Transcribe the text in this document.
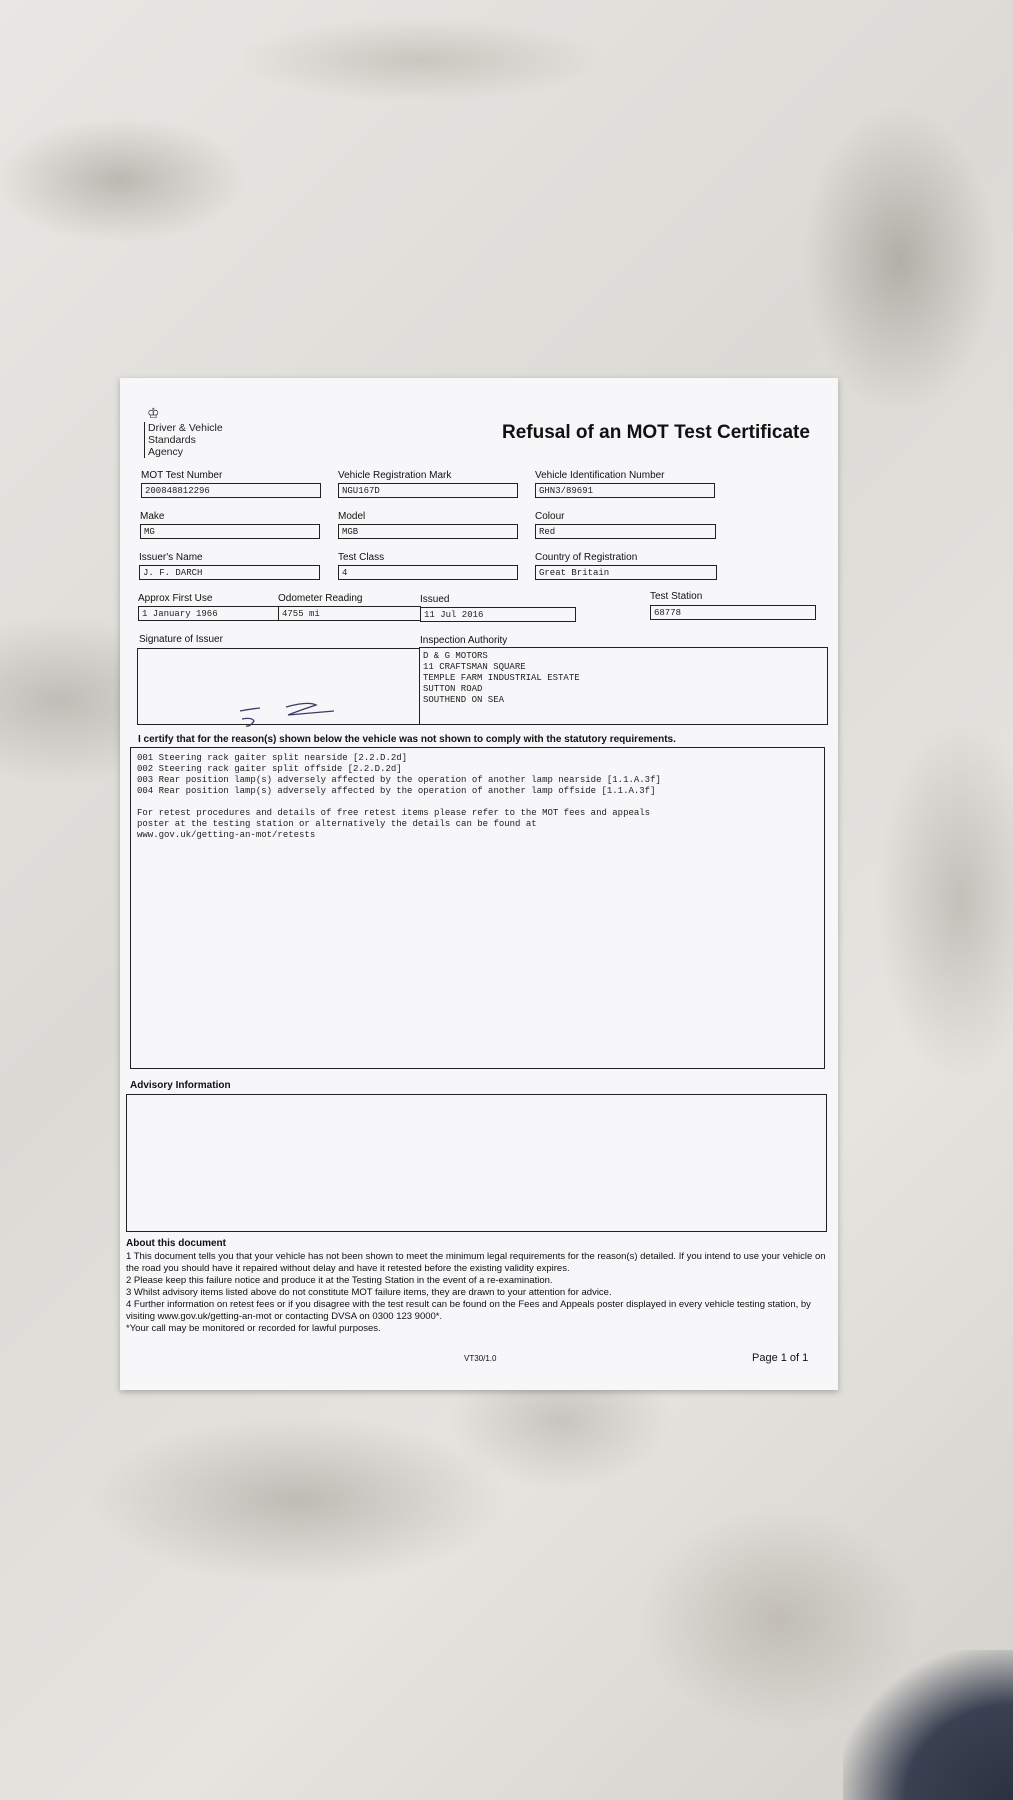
♔
Driver & Vehicle
Standards
Agency
Refusal of an MOT Test Certificate
MOT Test Number
200848812296
Vehicle Registration Mark
NGU167D
Vehicle Identification Number
GHN3/89691
Make
MG
Model
MGB
Colour
Red
Issuer's Name
J. F. DARCH
Test Class
4
Country of Registration
Great Britain
Approx First Use
1 January 1966
Odometer Reading
4755 mi
Issued
11 Jul 2016
Test Station
68778
Signature of Issuer	Inspection Authority
D & G MOTORS
11 CRAFTSMAN SQUARE
TEMPLE FARM INDUSTRIAL ESTATE
SUTTON ROAD
SOUTHEND ON SEA
I certify that for the reason(s) shown below the vehicle was not shown to comply with the statutory requirements.
001 Steering rack gaiter split nearside [2.2.D.2d]
002 Steering rack gaiter split offside [2.2.D.2d]
003 Rear position lamp(s) adversely affected by the operation of another lamp nearside [1.1.A.3f]
004 Rear position lamp(s) adversely affected by the operation of another lamp offside [1.1.A.3f]
For retest procedures and details of free retest items please refer to the MOT fees and appeals
poster at the testing station or alternatively the details can be found at
www.gov.uk/getting-an-mot/retests
Advisory Information
About this document

1 This document tells you that your vehicle has not been shown to meet the minimum legal requirements for the reason(s) detailed. If you intend to use your vehicle on the road you should have it repaired without delay and have it retested before the existing validity expires.

2 Please keep this failure notice and produce it at the Testing Station in the event of a re-examination.

3 Whilst advisory items listed above do not constitute MOT failure items, they are drawn to your attention for advice.

4 Further information on retest fees or if you disagree with the test result can be found on the Fees and Appeals poster displayed in every vehicle testing station, by visiting www.gov.uk/getting-an-mot or contacting DVSA on 0300 123 9000*.

*Your call may be monitored or recorded for lawful purposes.

VT30/1.0	Page 1 of 1
